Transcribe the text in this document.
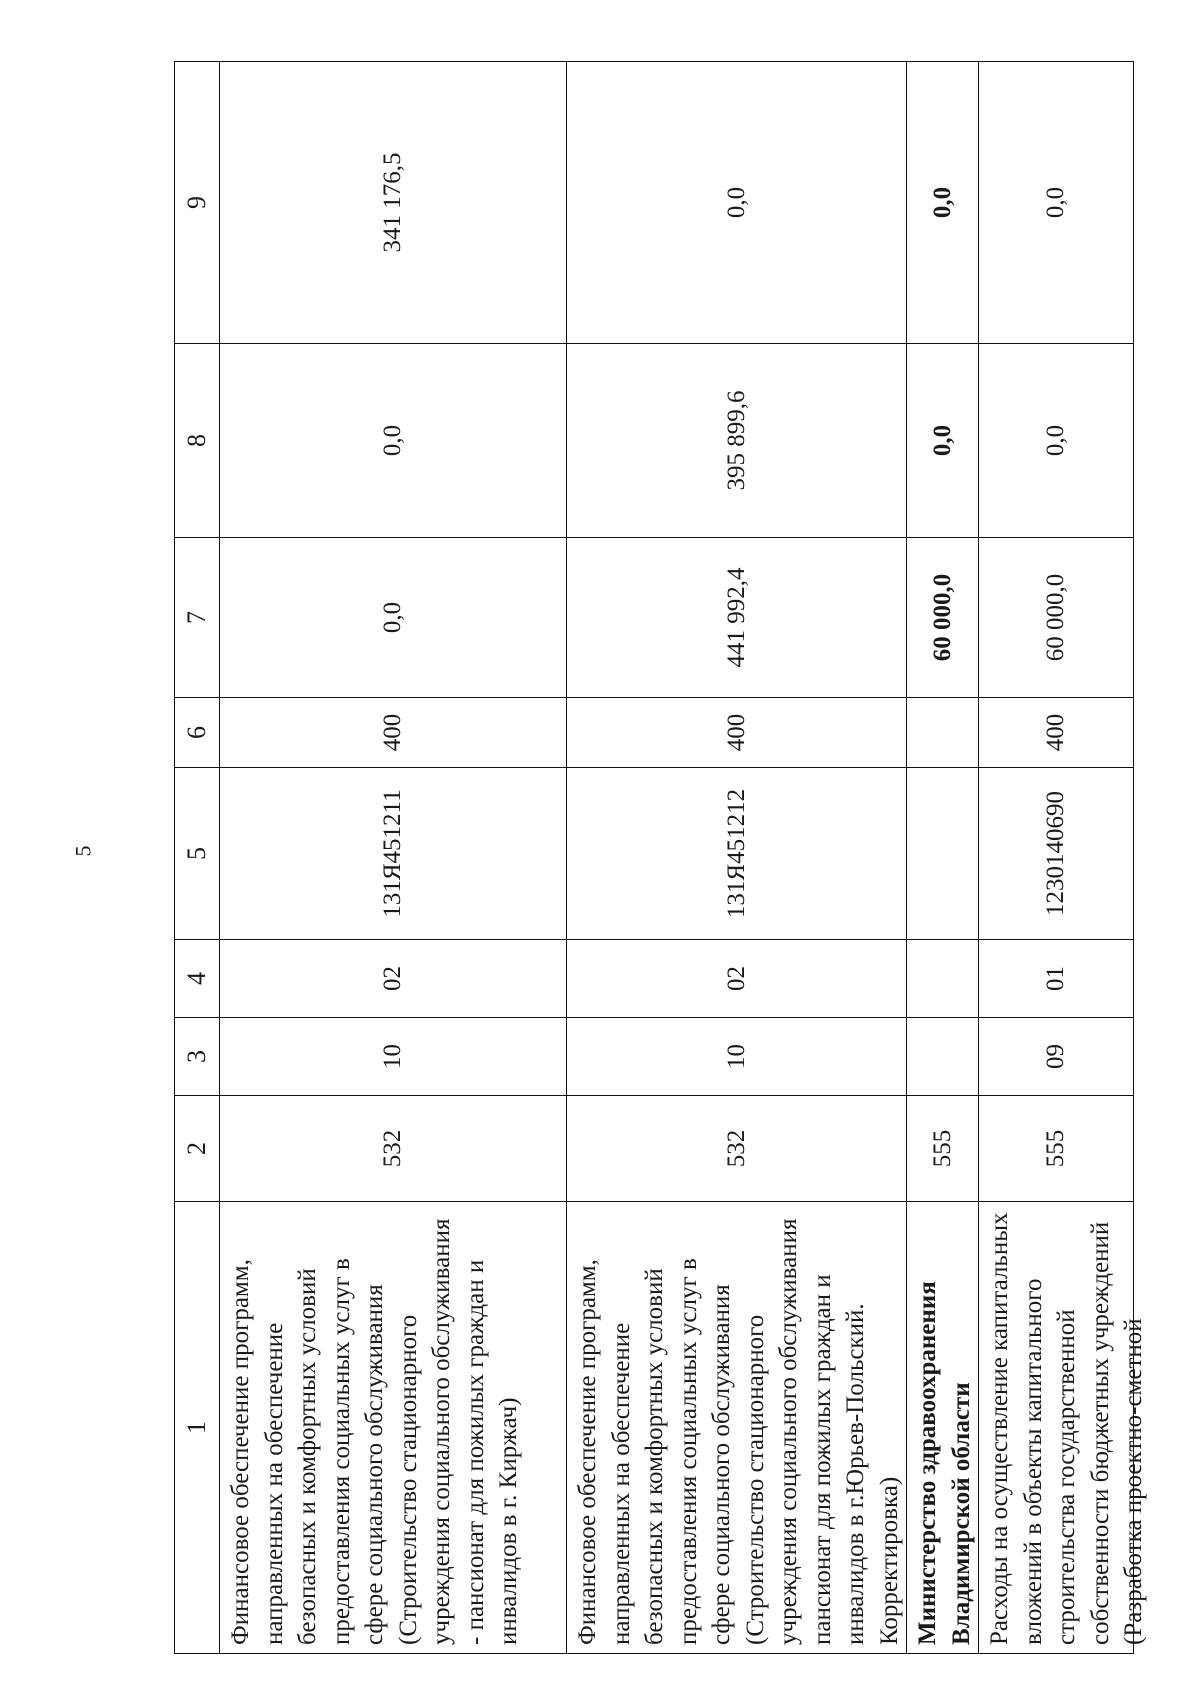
5
1	2	3	4	5	6	7	8	9
Финансовое обеспечение программ, направленных на обеспечение безопасных и комфортных условий предоставления социальных услуг в сфере социального обслуживания (Строительство стационарного учреждения социального обслуживания - пансионат для пожилых граждан и инвалидов в г. Киржач)	532	10	02	131Я451211	400	0,0	0,0	341 176,5
Финансовое обеспечение программ, направленных на обеспечение безопасных и комфортных условий предоставления социальных услуг в сфере социального обслуживания (Строительство стационарного учреждения социального обслуживания пансионат для пожилых граждан и инвалидов в г.Юрьев-Польский. Корректировка)	532	10	02	131Я451212	400	441 992,4	395 899,6	0,0
Министерство здравоохранения Владимирской области	555					60 000,0	0,0	0,0

Расходы на осуществление капитальных вложений в объекты капитального строительства государственной собственности бюджетных учреждений (Разработка проектно-сметной	555	09	01	1230140690	400	60 000,0	0,0	0,0
